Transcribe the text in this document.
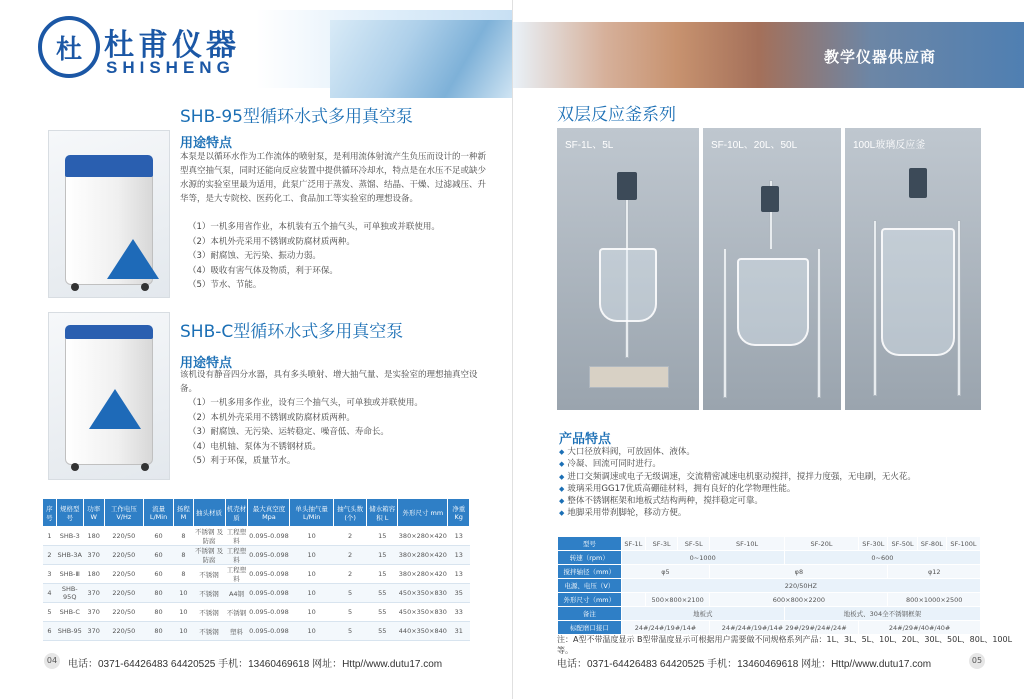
杜 杜甫仪器
SHISHENG
SHB-95型循环水式多用真空泵
用途特点
本泵是以循环水作为工作流体的喷射泵，是利用流体射流产生负压而设计的一种新型真空抽气泵，同时还能向反应装置中提供循环冷却水，特点是在水压不足或缺少水源的实验室里最为适用，此泵广泛用于蒸发、蒸馏、结晶、干燥、过滤减压、升华等，是大专院校、医药化工、食品加工等实验室的理想设备。
（1）一机多用省作业，本机装有五个抽气头，可单独或并联使用。
（2）本机外壳采用不锈钢或防腐材质两种。
（3）耐腐蚀、无污染、振动力弱。
（4）吸收有害气体及物质，利于环保。
（5）节水、节能。
SHB-C型循环水式多用真空泵
用途特点
该机设有静音四分水器，具有多头喷射、增大抽气量、是实验室的理想抽真空设备。
（1）一机多用多作业，设有三个抽气头，可单独或并联使用。
（2）本机外壳采用不锈钢或防腐材质两种。
（3）耐腐蚀、无污染、运转稳定、噪音低、寿命长。
（4）电机轴、泵体为不锈钢材质。
（5）利于环保，质量节水。
序号	规格型号	功率 W	工作电压 V/Hz	流量 L/Min	扬程 M	抽头材质	机壳材质	最大真空度 Mpa	单头抽气量 L/Min	抽气头数 (个)	储水箱容积 L	外形尺寸 mm	净重 Kg
1	SHB-3	180	220/50	60	8	不锈钢 及防腐	工程塑料	0.095-0.098	10	2	15	380×280×420	13
2	SHB-3A	370	220/50	60	8	不锈钢 及防腐	工程塑料	0.095-0.098	10	2	15	380×280×420	13
3	SHB-Ⅲ	180	220/50	60	8	不锈钢	工程塑料	0.095-0.098	10	2	15	380×280×420	13
4	SHB-95Q	370	220/50	80	10	不锈钢	A4钢	0.095-0.098	10	5	55	450×350×830	35
5	SHB-C	370	220/50	80	10	不锈钢	不锈钢	0.095-0.098	10	5	55	450×350×830	33
6	SHB-95	370	220/50	80	10	不锈钢	塑料	0.095-0.098	10	5	55	440×350×840	31
04 电话：0371-64426483 64420525 手机：13460469618 网址：Http//www.dutu17.com
教学仪器供应商
双层反应釜系列
SF-1L、5L	SF-10L、20L、50L	100L玻璃反应釜
产品特点
◆ 大口径放料阀，可放固体、液体。
◆ 冷凝、回流可同时进行。
◆ 进口交频调速或电子无级调速，交流精密减速电机驱动搅拌，搅拌力度强，无电刷，无火花。
◆ 玻璃采用GG17优质高硼硅材料，拥有良好的化学物理性能。
◆ 整体不锈钢框架和地板式结构两种，搅拌稳定可靠。
◆ 地脚采用带刹脚轮，移动方便。
型号	SF-1L	SF-3L	SF-5L	SF-10L	SF-20L	SF-30L	SF-50L	SF-80L	SF-100L
转速（rpm）	0~1000				0~600				
搅拌轴径（mm）	φ5			φ8			φ12		
电源、电压（V）	220/50HZ								
外形尺寸（mm）		500×800×2100		600×800×2200			800×1000×2500		
备注	地板式				地板式、304全不锈钢框架				
标配磨口接口	24#/24#/19#/14#			24#/24#/19#/14# 29#/29#/24#/24#		24#/29#/40#/40#			
注：A型不带温度显示 B型带温度显示可根据用户需要做不同规格系列产品：1L、3L、5L、10L、20L、30L、50L、80L、100L等。
电话：0371-64426483 64420525 手机：13460469618 网址：Http//www.dutu17.com	05
